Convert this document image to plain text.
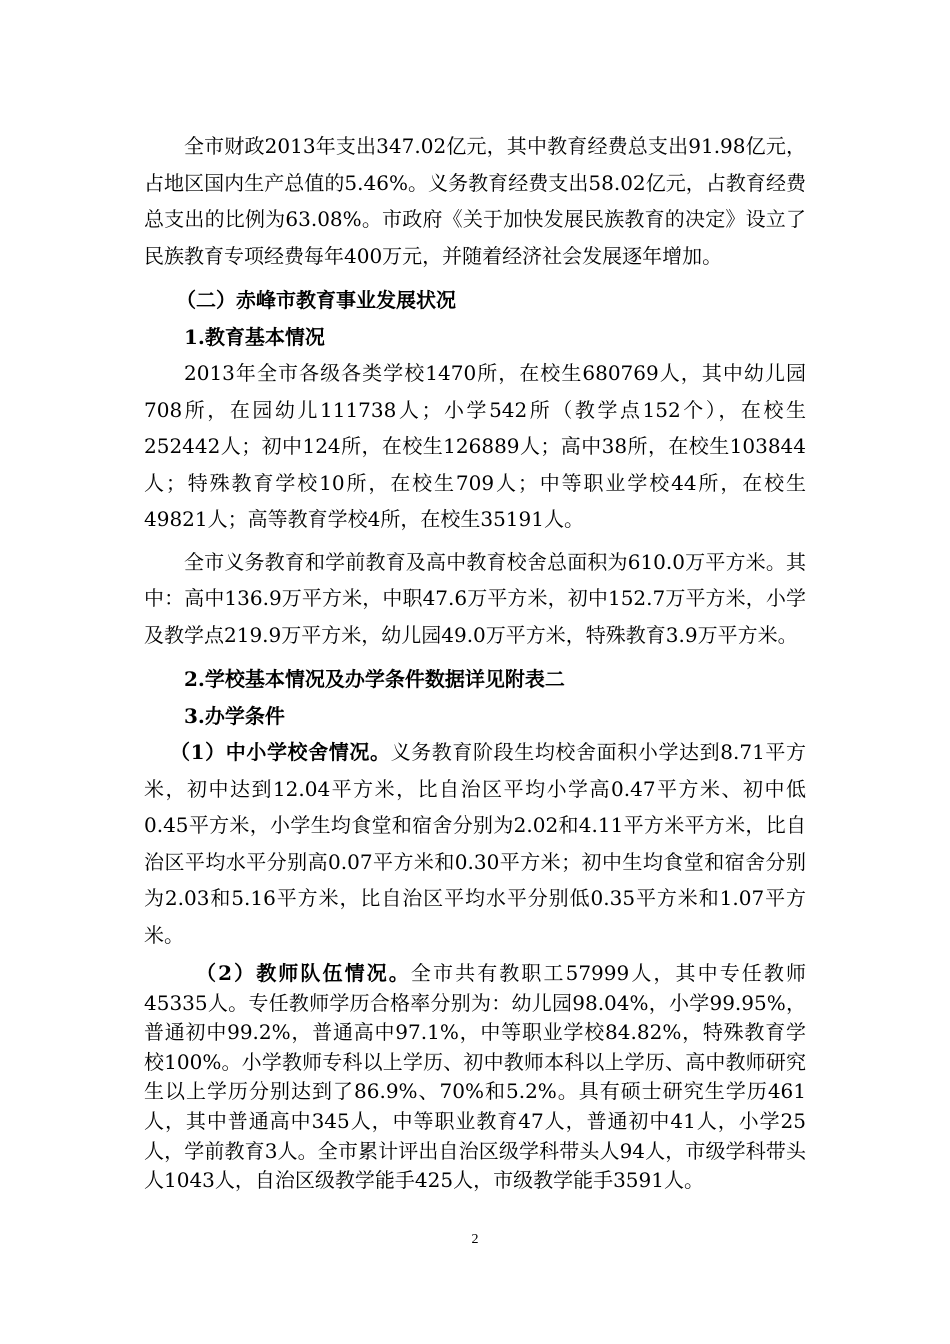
全市财政2013年支出347.02亿元，其中教育经费总支出91.98亿元，占地区国内生产总值的5.46%。义务教育经费支出58.02亿元，占教育经费总支出的比例为63.08%。市政府《关于加快发展民族教育的决定》设立了民族教育专项经费每年400万元，并随着经济社会发展逐年增加。

（二）赤峰市教育事业发展状况

1.教育基本情况

2013年全市各级各类学校1470所，在校生680769人，其中幼儿园708所，在园幼儿111738人；小学542所（教学点152个），在校生252442人；初中124所，在校生126889人；高中38所，在校生103844人；特殊教育学校10所，在校生709人；中等职业学校44所，在校生49821人；高等教育学校4所，在校生35191人。

全市义务教育和学前教育及高中教育校舍总面积为610.0万平方米。其中：高中136.9万平方米，中职47.6万平方米，初中152.7万平方米，小学及教学点219.9万平方米，幼儿园49.0万平方米，特殊教育3.9万平方米。

2.学校基本情况及办学条件数据详见附表二

3.办学条件

（1）中小学校舍情况。义务教育阶段生均校舍面积小学达到8.71平方米，初中达到12.04平方米，比自治区平均小学高0.47平方米、初中低0.45平方米，小学生均食堂和宿舍分别为2.02和4.11平方米平方米，比自治区平均水平分别高0.07平方米和0.30平方米；初中生均食堂和宿舍分别为2.03和5.16平方米，比自治区平均水平分别低0.35平方米和1.07平方米。

（2）教师队伍情况。全市共有教职工57999人，其中专任教师45335人。专任教师学历合格率分别为：幼儿园98.04%，小学99.95%，普通初中99.2%，普通高中97.1%，中等职业学校84.82%，特殊教育学校100%。小学教师专科以上学历、初中教师本科以上学历、高中教师研究生以上学历分别达到了86.9%、70%和5.2%。具有硕士研究生学历461人，其中普通高中345人，中等职业教育47人，普通初中41人，小学25人，学前教育3人。全市累计评出自治区级学科带头人94人，市级学科带头人1043人，自治区级教学能手425人，市级教学能手3591人。

2
